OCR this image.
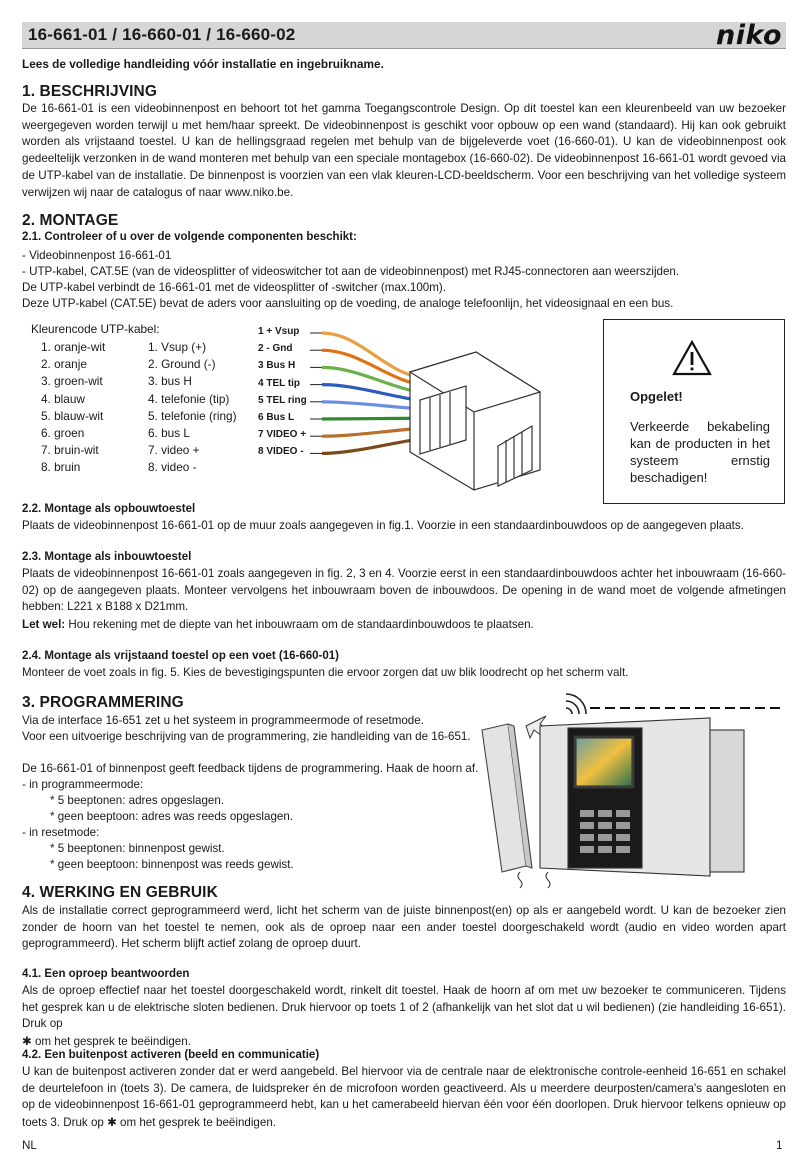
16-661-01 / 16-660-01 / 16-660-02	niko
Lees de volledige handleiding vóór installatie en ingebruikname.
1. BESCHRIJVING

De 16-661-01 is een videobinnenpost en behoort tot het gamma Toegangscontrole Design. Op dit toestel kan een kleurenbeeld van uw bezoeker weergegeven worden terwijl u met hem/haar spreekt. De videobinnenpost is geschikt voor opbouw op een wand (standaard). Hij kan ook gebruikt worden als vrijstaand toestel. U kan de hellingsgraad regelen met behulp van de bijgeleverde voet (16-660-01). U kan de videobinnenpost ook gedeeltelijk verzonken in de wand monteren met behulp van een speciale montagebox (16-660-02). De videobinnenpost 16-661-01 wordt gevoed via de UTP-kabel van de installatie. De binnenpost is voorzien van een vlak kleuren-LCD-beeldscherm. Voor een beschrijving van het volledige systeem verwijzen wij naar de catalogus of naar www.niko.be.

2. MONTAGE
2.1. Controleer of u over de volgende componenten beschikt:
- Videobinnenpost 16-661-01
- UTP-kabel, CAT.5E (van de videosplitter of videoswitcher tot aan de videobinnenpost) met RJ45-connectoren aan weerszijden.
De UTP-kabel verbindt de 16-661-01 met de videosplitter of -switcher (max.100m).
Deze UTP-kabel (CAT.5E) bevat de aders voor aansluiting op de voeding, de analoge telefoonlijn, het videosignaal en een bus.
Kleurencode UTP-kabel:
1. oranje-wit
2. oranje
3. groen-wit
4. blauw
5. blauw-wit
6. groen
7. bruin-wit
8. bruin
1. Vsup (+)
2. Ground (-)
3. bus H
4. telefonie (tip)
5. telefonie (ring)
6. bus L
7. video +
8. video -
1 + Vsup
2 - Gnd
3 Bus H
4 TEL tip
5 TEL ring
6 Bus L
7 VIDEO +
8 VIDEO -
Opgelet!
Verkeerde bekabeling kan de producten in het systeem ernstig beschadigen!
2.2. Montage als opbouwtoestel

Plaats de videobinnenpost 16-661-01 op de muur zoals aangegeven in fig.1. Voorzie in een standaardinbouwdoos op de aangegeven plaats.

2.3. Montage als inbouwtoestel

Plaats de videobinnenpost 16-661-01 zoals aangegeven in fig. 2, 3 en 4. Voorzie eerst in een standaardinbouwdoos achter het inbouwraam (16-660-02) op de aangegeven plaats. Monteer vervolgens het inbouwraam boven de inbouwdoos. De opening in de wand moet de volgende afmetingen hebben: L221 x B188 x D21mm.

Let wel: Hou rekening met de diepte van het inbouwraam om de standaardinbouwdoos te plaatsen.

2.4. Montage als vrijstaand toestel op een voet (16-660-01)

Monteer de voet zoals in fig. 5. Kies de bevestigingspunten die ervoor zorgen dat uw blik loodrecht op het scherm valt.

3. PROGRAMMERING
Via de interface 16-651 zet u het systeem in programmeermode of resetmode.
Voor een uitvoerige beschrijving van de programmering, zie handleiding van de 16-651.
De 16-661-01 of binnenpost geeft feedback tijdens de programmering. Haak de hoorn af.
- in programmeermode:
* 5 beeptonen: adres opgeslagen.
* geen beeptoon: adres was reeds opgeslagen.
- in resetmode:
* 5 beeptonen: binnenpost gewist.
* geen beeptoon: binnenpost was reeds gewist.
4. WERKING EN GEBRUIK

Als de installatie correct geprogrammeerd werd, licht het scherm van de juiste binnenpost(en) op als er aangebeld wordt. U kan de bezoeker zien zonder de hoorn van het toestel te nemen, ook als de oproep naar een ander toestel doorgeschakeld wordt (audio en video worden apart geprogrammeerd). Het scherm blijft actief zolang de oproep duurt.

4.1. Een oproep beantwoorden

Als de oproep effectief naar het toestel doorgeschakeld wordt, rinkelt dit toestel. Haak de hoorn af om met uw bezoeker te communiceren. Tijdens het gesprek kan u de elektrische sloten bedienen. Druk hiervoor op toets 1 of 2 (afhankelijk van het slot dat u wil bedienen) (zie handleiding 16-651). Druk op
✱ om het gesprek te beëindigen.

4.2. Een buitenpost activeren (beeld en communicatie)

U kan de buitenpost activeren zonder dat er werd aangebeld. Bel hiervoor via de centrale naar de elektronische controle-eenheid 16-651 en schakel de deurtelefoon in (toets 3). De camera, de luidspreker én de microfoon worden geactiveerd. Als u meerdere deurposten/camera's aangesloten en op de videobinnenpost 16-661-01 geprogrammeerd hebt, kan u het camerabeeld hiervan één voor één doorlopen. Druk hiervoor telkens opnieuw op toets 3. Druk op ✱ om het gesprek te beëindigen.

NL	1
